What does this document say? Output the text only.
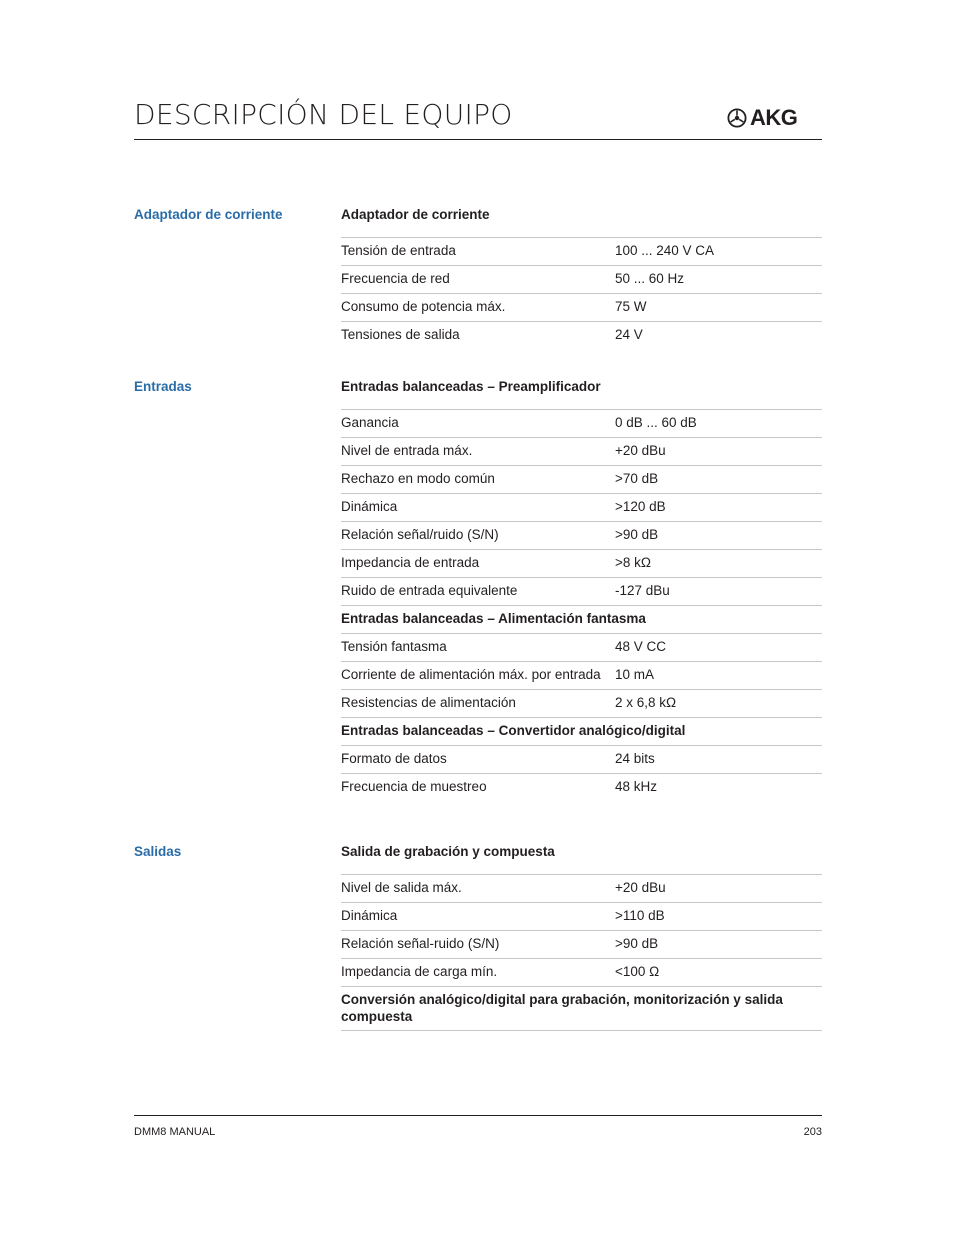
DESCRIPCIÓN DEL EQUIPO	AKG
Adaptador de corriente	Adaptador de corriente
Tensión de entrada	100 ... 240 V CA
Frecuencia de red	50 ... 60 Hz
Consumo de potencia máx.	75 W
Tensiones de salida	24 V
Entradas	Entradas balanceadas – Preamplificador
Ganancia	0 dB ... 60 dB
Nivel de entrada máx.	+20 dBu
Rechazo en modo común	>70 dB
Dinámica	>120 dB
Relación señal/ruido (S/N)	>90 dB
Impedancia de entrada	>8 kΩ
Ruido de entrada equivalente	-127 dBu
Entradas balanceadas – Alimentación fantasma
Tensión fantasma	48 V CC
Corriente de alimentación máx. por entrada	10 mA
Resistencias de alimentación	2 x 6,8 kΩ
Entradas balanceadas – Convertidor analógico/digital
Formato de datos	24 bits
Frecuencia de muestreo	48 kHz
Salidas	Salida de grabación y compuesta
Nivel de salida máx.	+20 dBu
Dinámica	>110 dB
Relación señal-ruido (S/N)	>90 dB
Impedancia de carga mín.	<100 Ω
Conversión analógico/digital para grabación, monitorización y salida compuesta
DMM8 MANUAL	203
